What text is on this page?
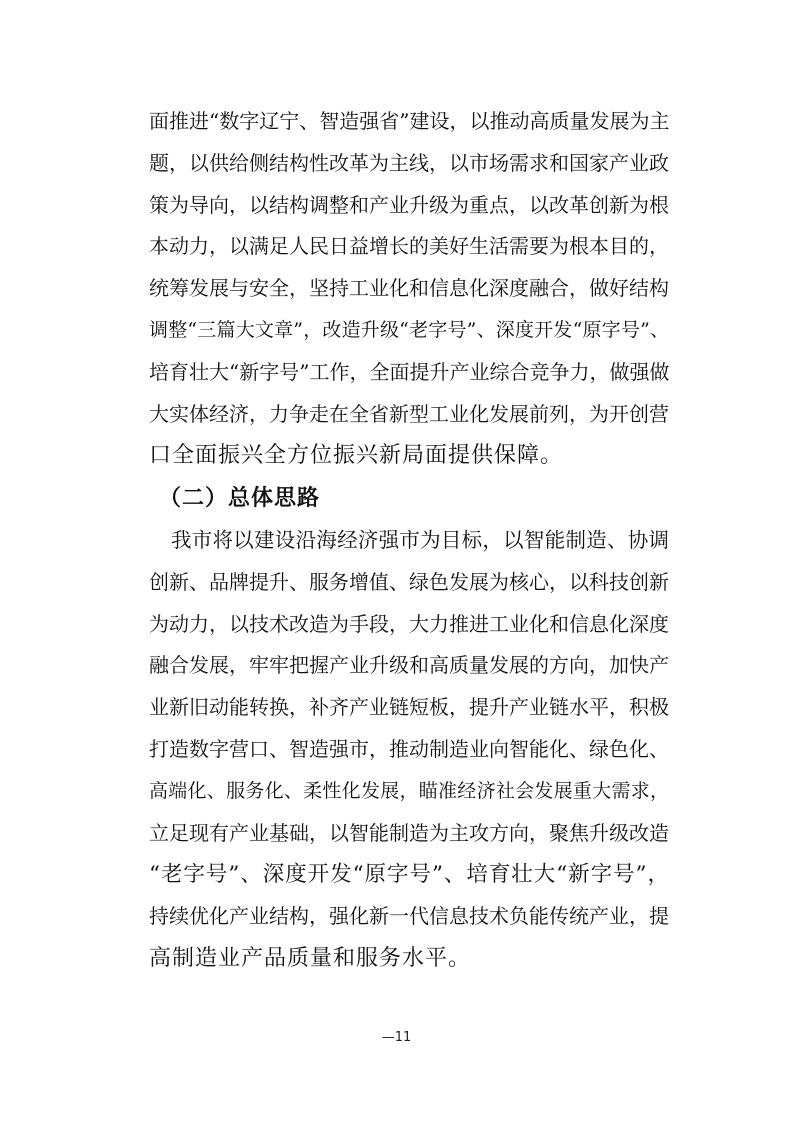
面推进“数字辽宁、智造强省”建设，以推动高质量发展为主
题，以供给侧结构性改革为主线，以市场需求和国家产业政
策为导向，以结构调整和产业升级为重点，以改革创新为根
本动力，以满足人民日益增长的美好生活需要为根本目的，
统筹发展与安全，坚持工业化和信息化深度融合，做好结构
调整“三篇大文章”，改造升级“老字号”、深度开发“原字号”、
培育壮大“新字号”工作，全面提升产业综合竞争力，做强做
大实体经济，力争走在全省新型工业化发展前列，为开创营
口全面振兴全方位振兴新局面提供保障。
（二）总体思路
我市将以建设沿海经济强市为目标，以智能制造、协调
创新、品牌提升、服务增值、绿色发展为核心，以科技创新
为动力，以技术改造为手段，大力推进工业化和信息化深度
融合发展，牢牢把握产业升级和高质量发展的方向，加快产
业新旧动能转换，补齐产业链短板，提升产业链水平，积极
打造数字营口、智造强市，推动制造业向智能化、绿色化、
高端化、服务化、柔性化发展，瞄准经济社会发展重大需求，
立足现有产业基础，以智能制造为主攻方向，聚焦升级改造
“老字号”、深度开发“原字号”、培育壮大“新字号”，
持续优化产业结构，强化新一代信息技术负能传统产业，提
高制造业产品质量和服务水平。
—11
